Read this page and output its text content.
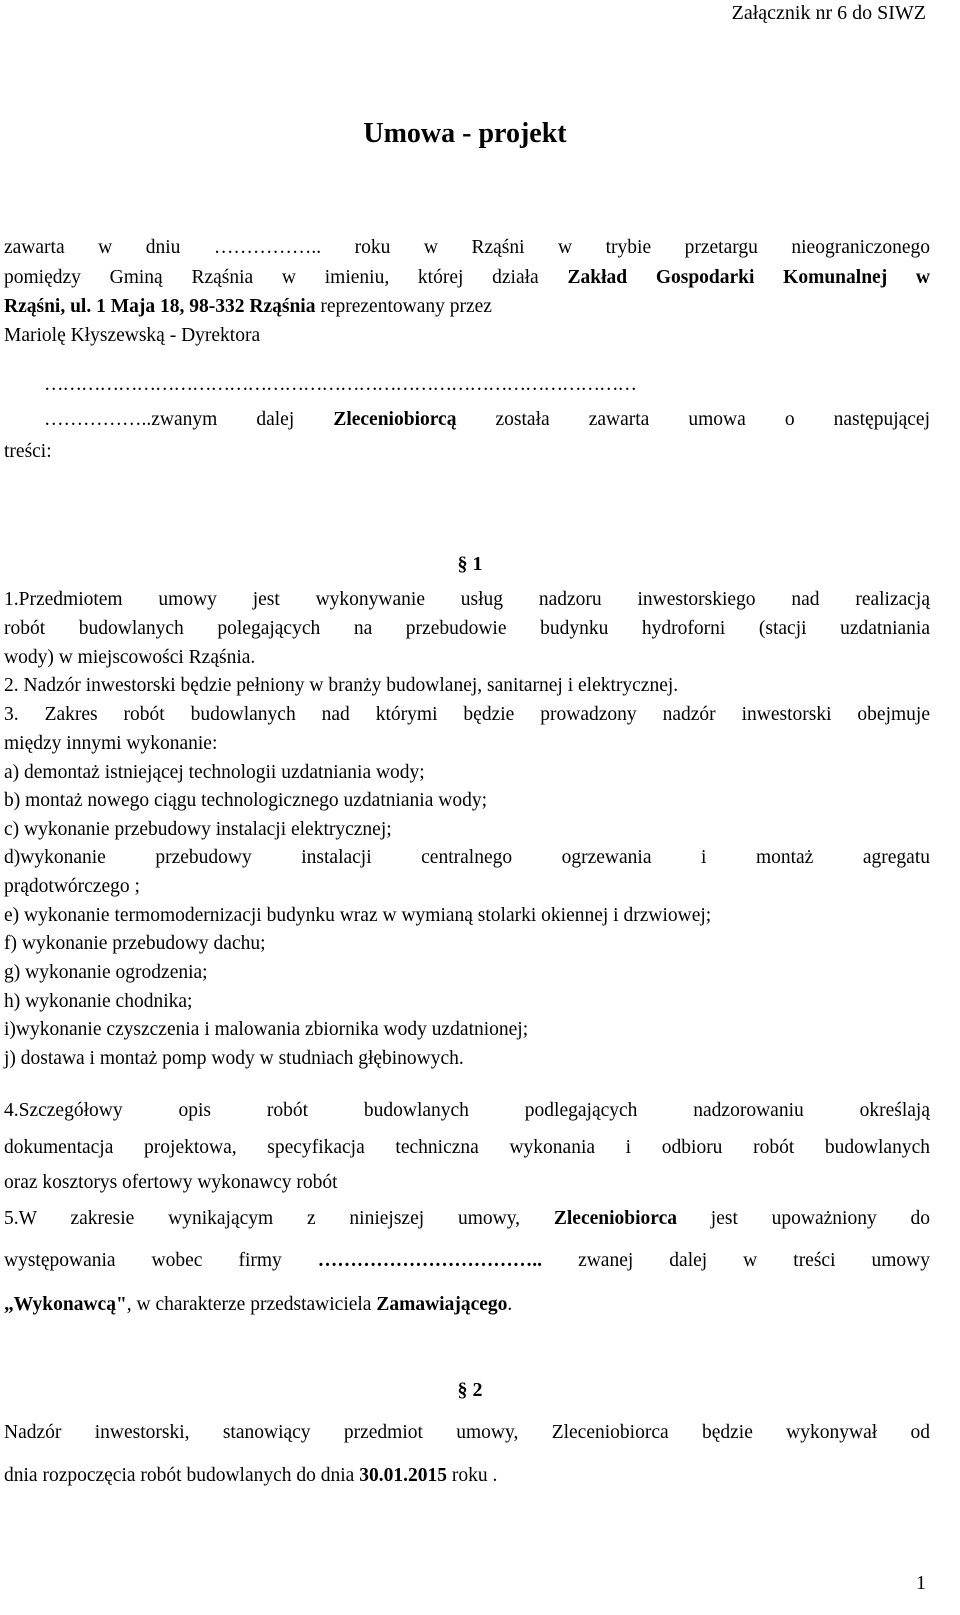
Załącznik nr 6 do SIWZ
Umowa - projekt
zawarta w dniu …………….. roku w Rząśni w trybie przetargu nieograniczonego
pomiędzy Gminą Rząśnia w imieniu, której działa Zakład Gospodarki Komunalnej w
Rząśni, ul. 1 Maja 18, 98-332 Rząśnia reprezentowany przez
Mariolę Kłyszewską - Dyrektora
……………………………………………………………………………………
……………..zwanym dalej Zleceniobiorcą została zawarta umowa o następującej
treści:
§ 1
1.Przedmiotem umowy jest wykonywanie usług nadzoru inwestorskiego nad realizacją
robót budowlanych polegających na przebudowie budynku hydroforni (stacji uzdatniania
wody) w miejscowości Rząśnia.
2. Nadzór inwestorski będzie pełniony w branży budowlanej, sanitarnej i elektrycznej.
3. Zakres robót budowlanych nad którymi będzie prowadzony nadzór inwestorski obejmuje
między innymi wykonanie:
a) demontaż istniejącej technologii uzdatniania wody;
b) montaż nowego ciągu technologicznego uzdatniania wody;
c) wykonanie przebudowy instalacji elektrycznej;
d)wykonanie przebudowy instalacji centralnego ogrzewania i montaż agregatu
prądotwórczego ;
e) wykonanie termomodernizacji budynku wraz w wymianą stolarki okiennej i drzwiowej;
f) wykonanie przebudowy dachu;
g) wykonanie ogrodzenia;
h) wykonanie chodnika;
i)wykonanie czyszczenia i malowania zbiornika wody uzdatnionej;
j) dostawa i montaż pomp wody w studniach głębinowych.
4.Szczegółowy opis robót budowlanych podlegających nadzorowaniu określają
dokumentacja projektowa, specyfikacja techniczna wykonania i odbioru robót budowlanych
oraz kosztorys ofertowy wykonawcy robót
5.W zakresie wynikającym z niniejszej umowy, Zleceniobiorca jest upoważniony do
występowania wobec firmy …………………………….. zwanej dalej w treści umowy
„Wykonawcą", w charakterze przedstawiciela Zamawiającego.
§ 2
Nadzór inwestorski, stanowiący przedmiot umowy, Zleceniobiorca będzie wykonywał od
dnia rozpoczęcia robót budowlanych do dnia 30.01.2015 roku .
1
